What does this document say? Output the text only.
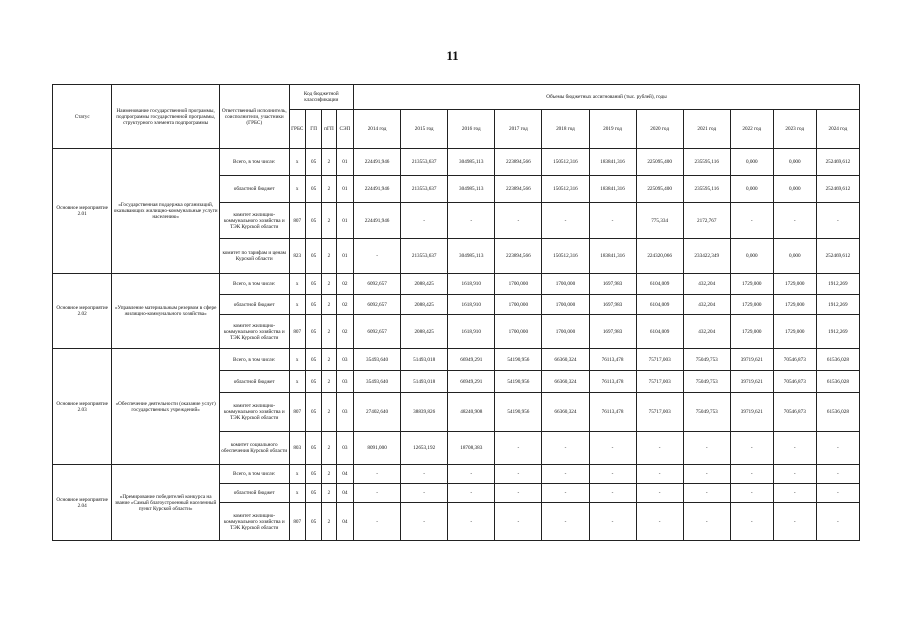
11
Статус	Наименование государственной программы, подпрограммы государственной программы, структурного элемента подпрограммы	Ответственный исполнитель, соисполнители, участники (ГРБС)	Код бюджетной классификации				Объемы бюджетных ассигнований (тыс. рублей), годы										
			ГРБС	ГП	пГП	СЭП	2014 год	2015 год	2016 год	2017 год	2018 год	2019 год	2020 год	2021 год	2022 год	2023 год	2024 год
Основное мероприятие 2.01	«Государственная поддержка организаций, оказывающих жилищно-коммунальные услуги населению»	Всего, в том числе:	х	05	2	01	224491,946	213553,637	304985,113	223894,566	150512,316	183841,316	225095,400	235595,116	0,000	0,000	252469,612
		областной бюджет	х	05	2	01	224491,946	213553,637	304985,113	223894,566	150512,316	183841,316	225095,400	235595,116	0,000	0,000	252469,612
		комитет жилищно-коммунального хозяйства и ТЭК Курской области	807	05	2	01	224491,946	-	-	-	-	-	775,334	2172,767	-	-	-
		комитет по тарифам и ценам Курской области	823	05	2	01	-	213553,637	304985,113	223894,566	150512,316	183841,316	224320,066	233422,349	0,000	0,000	252469,612
Основное мероприятие 2.02	«Управление материальным резервом в сфере жилищно-коммунального хозяйства»	Всего, в том числе:	х	05	2	02	6092,657	2088,425	1618,910	1700,000	1700,000	1697,983	6104,009	432,204	1729,000	1729,000	1912,269
		областной бюджет	х	05	2	02	6092,657	2088,425	1618,910	1700,000	1700,000	1697,983	6104,009	432,204	1729,000	1729,000	1912,269
		комитет жилищно-коммунального хозяйства и ТЭК Курской области	807	05	2	02	6092,657	2088,425	1618,910	1700,000	1700,000	1697,983	6104,009	432,204	1729,000	1729,000	1912,269
Основное мероприятие 2.03	«Обеспечение деятельности (оказание услуг) государственных учреждений»	Всего, в том числе:	х	05	2	03	35493,640	51493,018	66949,291	54190,956	66360,324	76113,478	75717,003	75049,753	39719,621	70546,873	61536,028
		областной бюджет	х	05	2	03	35493,640	51493,018	66949,291	54190,956	66360,324	76113,478	75717,003	75049,753	39719,621	70546,873	61536,028
		комитет жилищно-коммунального хозяйства и ТЭК Курской области	807	05	2	03	27402,640	38839,826	48240,908	54190,956	66360,324	76113,478	75717,003	75049,753	39719,621	70546,873	61536,028
		комитет социального обеспечения Курской области	803	05	2	03	8091,000	12653,192	18708,383	-	-	-	-	-	-	-	-
Основное мероприятие 2.04	«Премирование победителей конкурса на звание «Самый благоустроенный населенный пункт Курской области»	Всего, в том числе:	х	05	2	04	-	-	-	-	-	-	-	-	-	-	-
		областной бюджет	х	05	2	04	-	-	-	-	-	-	-	-	-	-	-
		комитет жилищно-коммунального хозяйства и ТЭК Курской области	807	05	2	04	-	-	-	-	-	-	-	-	-	-	-
